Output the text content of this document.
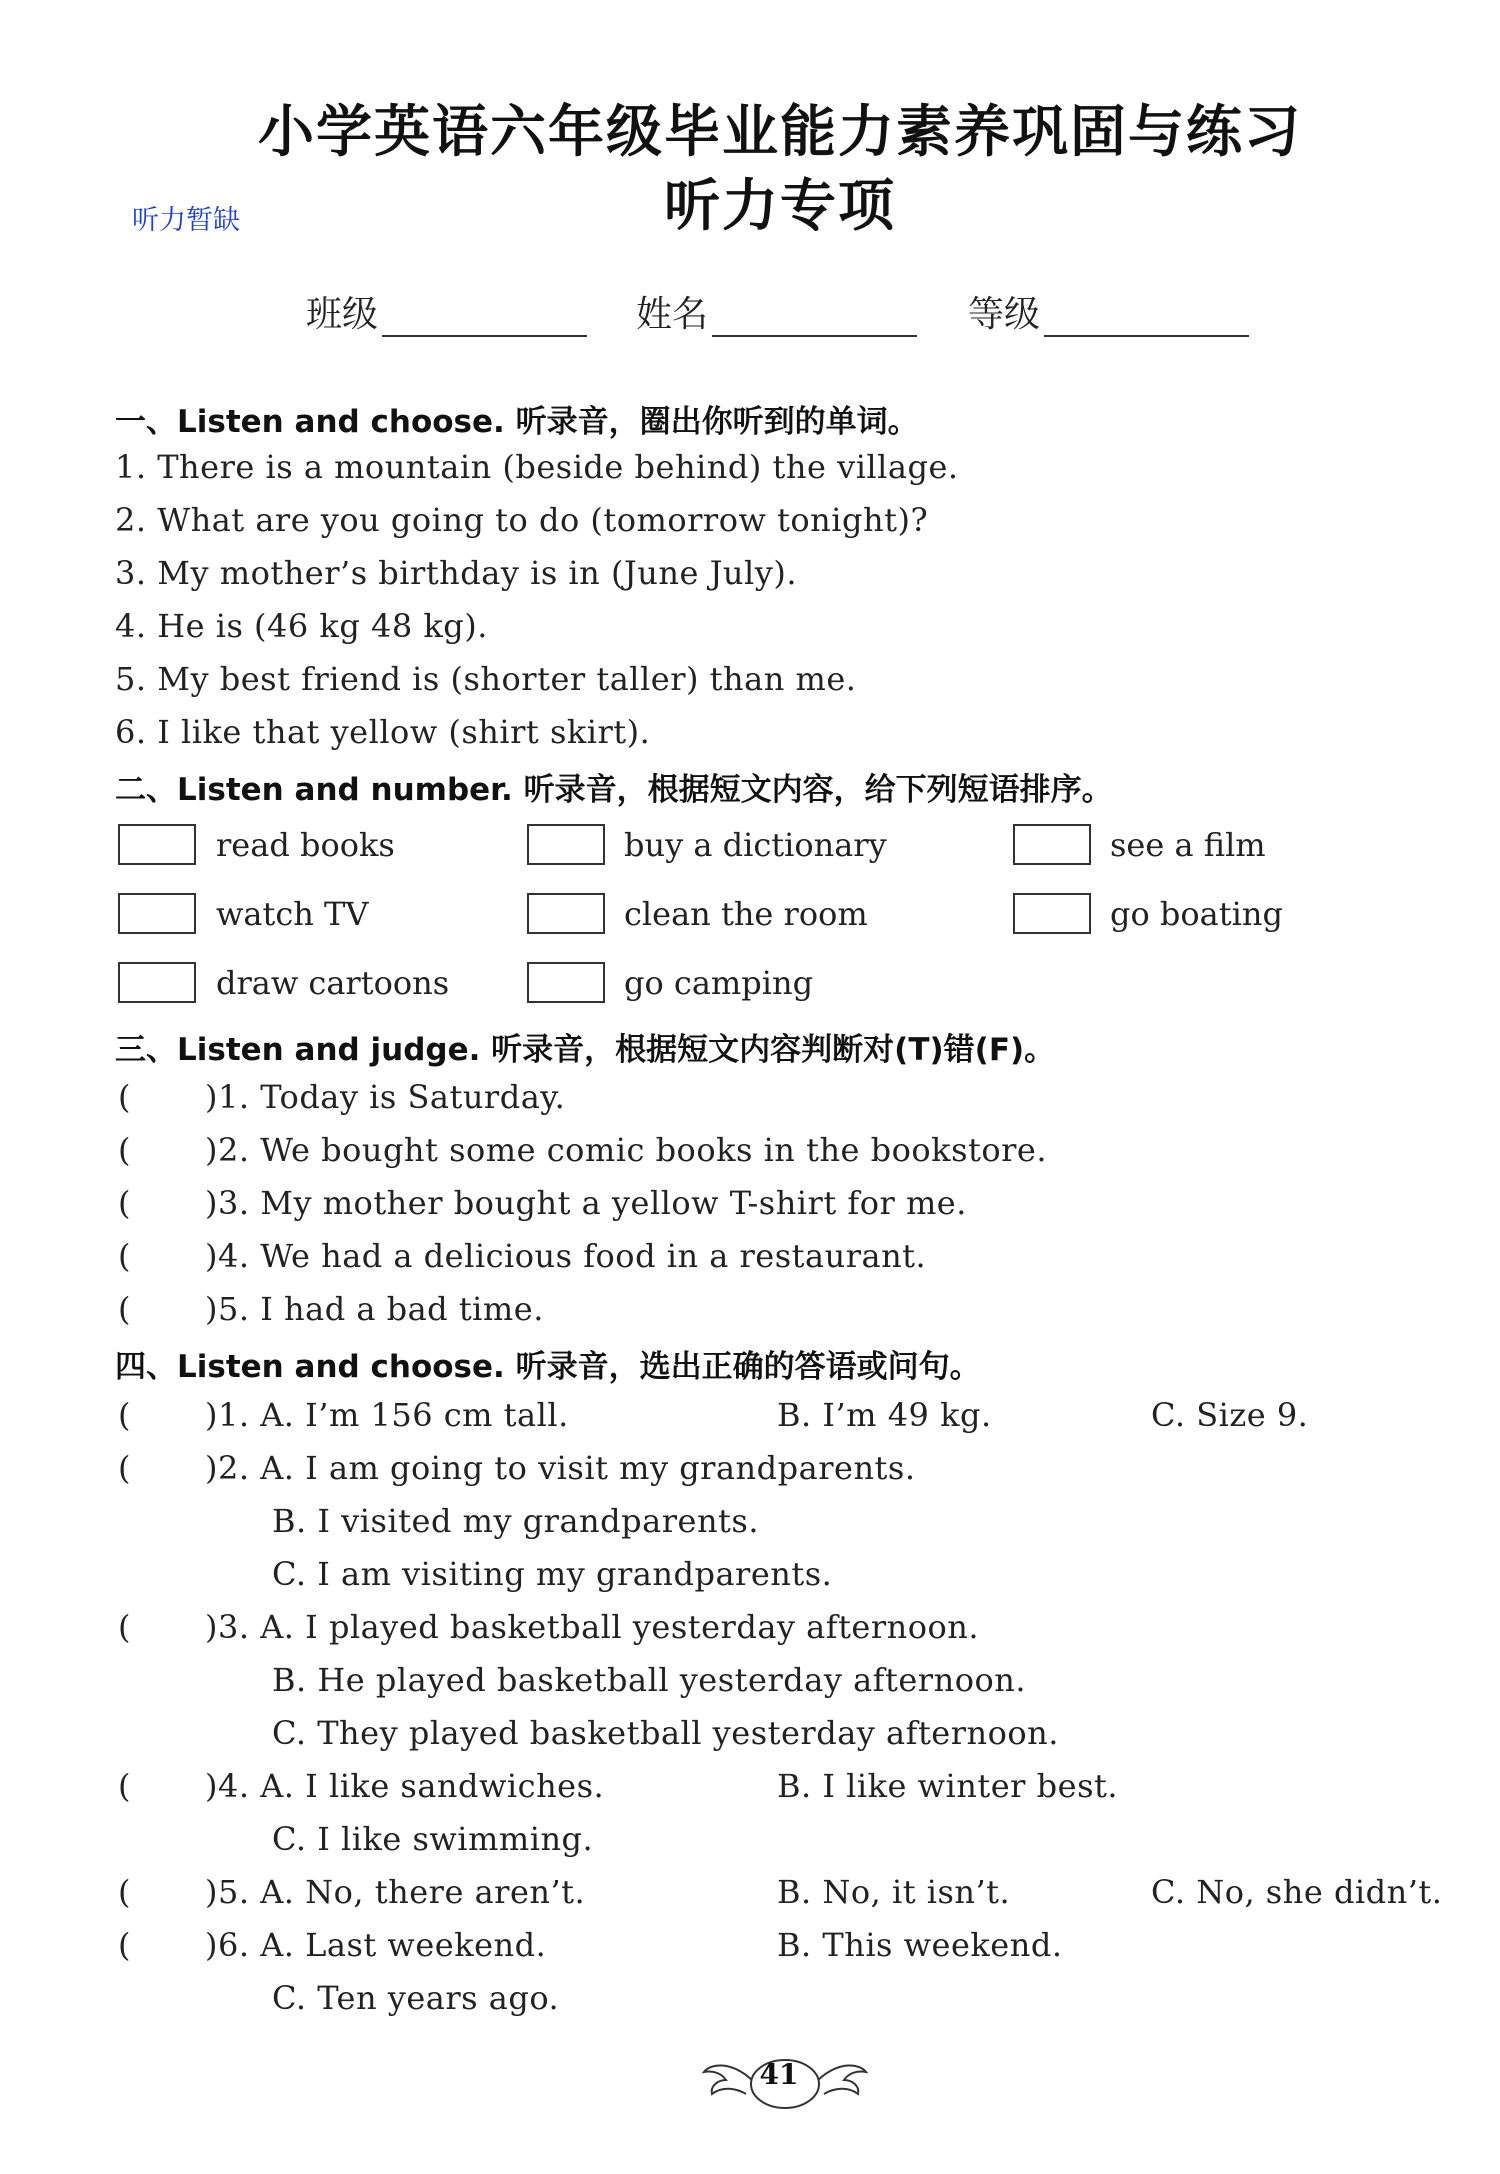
小学英语六年级毕业能力素养巩固与练习
听力专项
听力暂缺
班级	姓名	等级
一、Listen and choose. 听录音，圈出你听到的单词。
1. There is a mountain (beside behind) the village.
2. What are you going to do (tomorrow tonight)?
3. My mother’s birthday is in (June July).
4. He is (46 kg 48 kg).
5. My best friend is (shorter taller) than me.
6. I like that yellow (shirt skirt).
二、Listen and number. 听录音，根据短文内容，给下列短语排序。
read books	buy a dictionary	see a film
watch TV	clean the room	go boating
draw cartoons	go camping
三、Listen and judge. 听录音，根据短文内容判断对(T)错(F)。
( )1. Today is Saturday.
( )2. We bought some comic books in the bookstore.
( )3. My mother bought a yellow T-shirt for me.
( )4. We had a delicious food in a restaurant.
( )5. I had a bad time.
四、Listen and choose. 听录音，选出正确的答语或问句。
( )1. A. I’m 156 cm tall.	B. I’m 49 kg.	C. Size 9.
( )2. A. I am going to visit my grandparents.
B. I visited my grandparents.
C. I am visiting my grandparents.
( )3. A. I played basketball yesterday afternoon.
B. He played basketball yesterday afternoon.
C. They played basketball yesterday afternoon.
( )4. A. I like sandwiches.	B. I like winter best.
C. I like swimming.
( )5. A. No, there aren’t.	B. No, it isn’t.	C. No, she didn’t.
( )6. A. Last weekend.	B. This weekend.
C. Ten years ago.
41
